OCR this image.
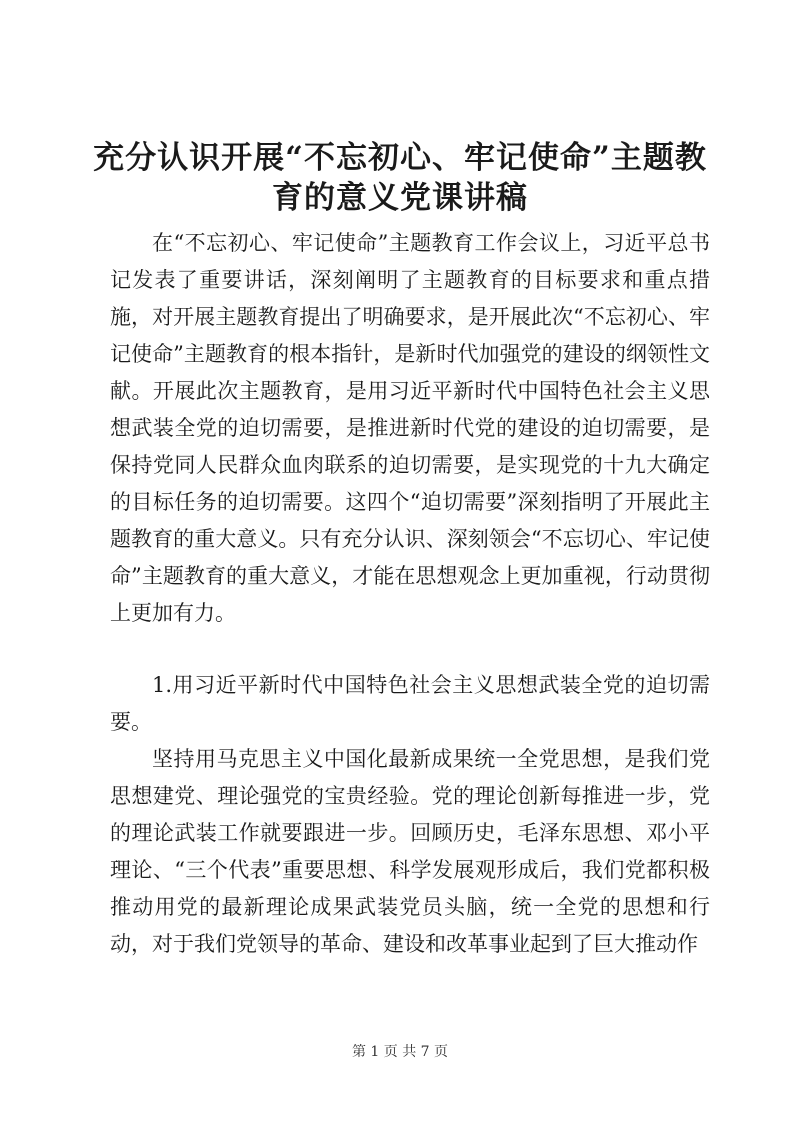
充分认识开展“不忘初心、牢记使命”主题教育的意义党课讲稿
在“不忘初心、牢记使命”主题教育工作会议上，习近平总书记发表了重要讲话，深刻阐明了主题教育的目标要求和重点措施，对开展主题教育提出了明确要求，是开展此次“不忘初心、牢记使命”主题教育的根本指针，是新时代加强党的建设的纲领性文献。开展此次主题教育，是用习近平新时代中国特色社会主义思想武装全党的迫切需要，是推进新时代党的建设的迫切需要，是保持党同人民群众血肉联系的迫切需要，是实现党的十九大确定的目标任务的迫切需要。这四个“迫切需要”深刻指明了开展此主题教育的重大意义。只有充分认识、深刻领会“不忘切心、牢记使命”主题教育的重大意义，才能在思想观念上更加重视，行动贯彻上更加有力。
1.用习近平新时代中国特色社会主义思想武装全党的迫切需要。
坚持用马克思主义中国化最新成果统一全党思想，是我们党思想建党、理论强党的宝贵经验。党的理论创新每推进一步，党的理论武装工作就要跟进一步。回顾历史，毛泽东思想、邓小平理论、“三个代表”重要思想、科学发展观形成后，我们党都积极推动用党的最新理论成果武装党员头脑，统一全党的思想和行动，对于我们党领导的革命、建设和改革事业起到了巨大推动作
第 1 页 共 7 页
